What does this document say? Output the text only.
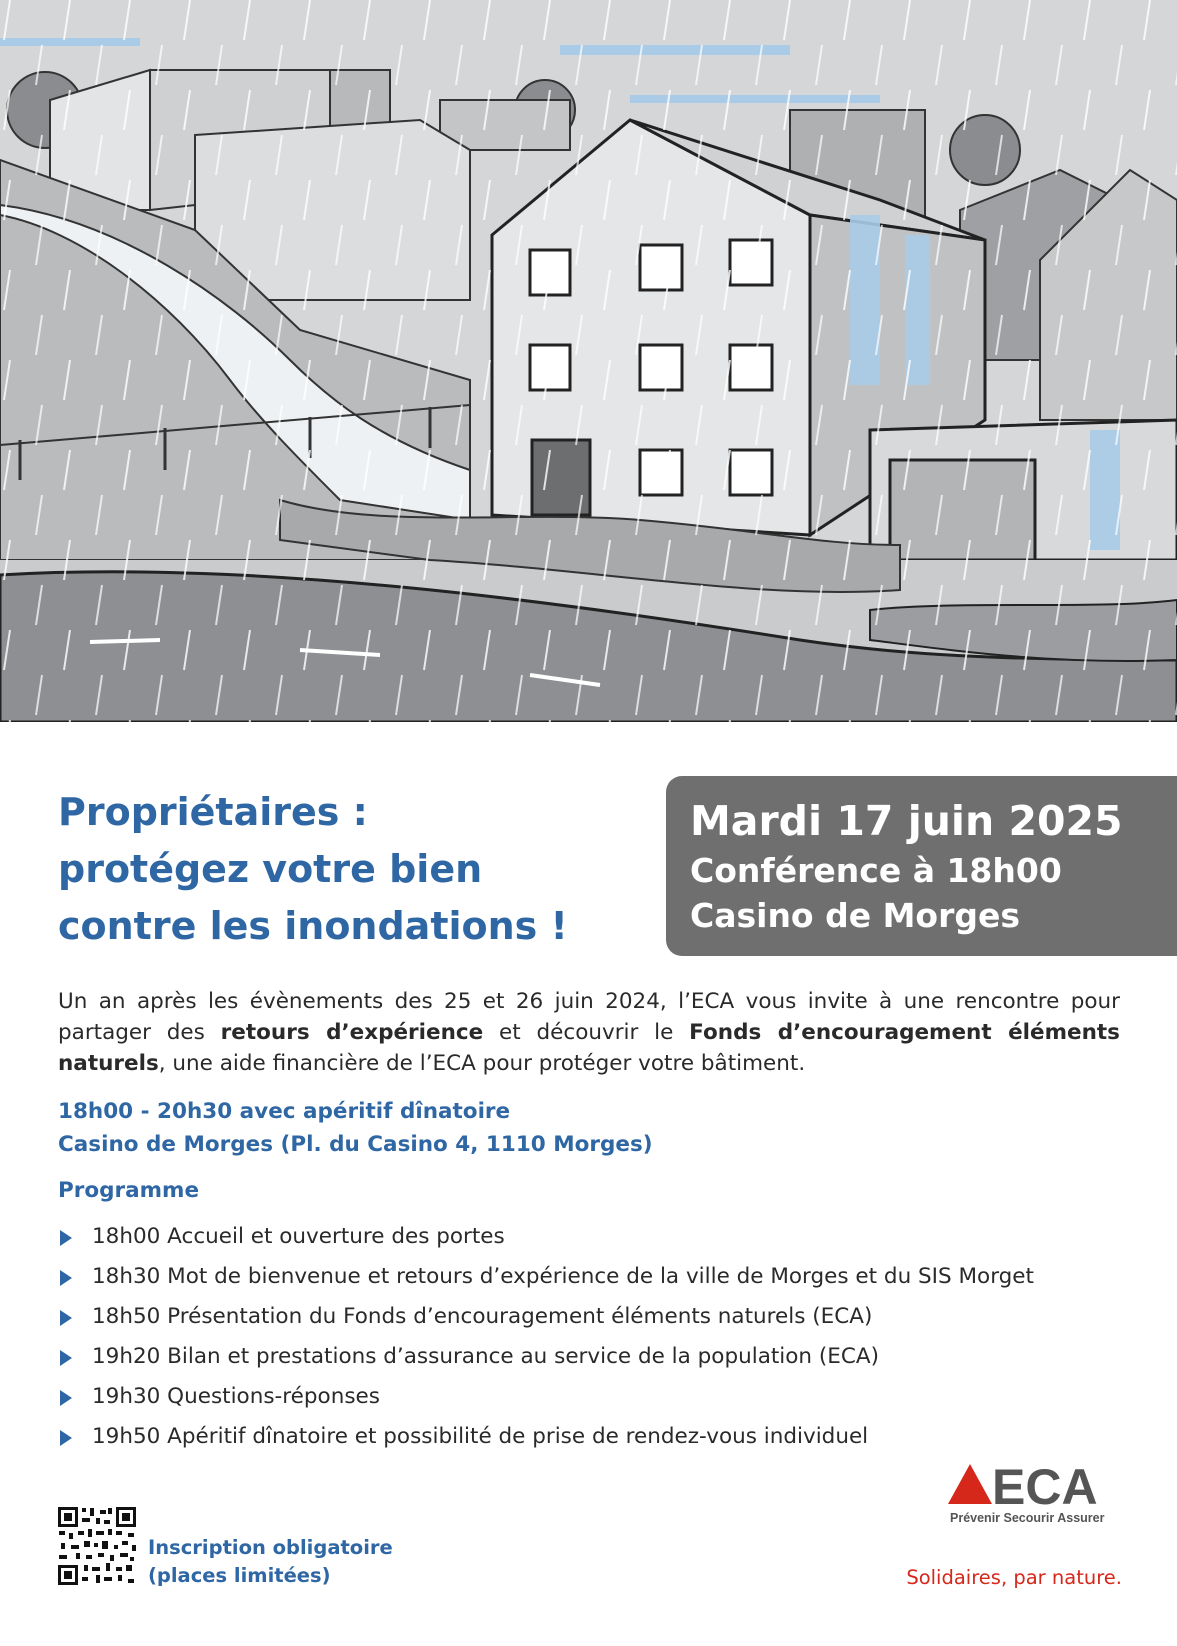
Propriétaires :
protégez votre bien
contre les inondations !
Mardi 17 juin 2025
Conférence à 18h00
Casino de Morges

Un an après les évènements des 25 et 26 juin 2024, l’ECA vous invite à une rencontre pour partager des retours d’expérience et découvrir le Fonds d’encouragement éléments naturels, une aide financière de l’ECA pour protéger votre bâtiment.

18h00 - 20h30 avec apéritif dînatoire
Casino de Morges (Pl. du Casino 4, 1110 Morges)
Programme
18h00 Accueil et ouverture des portes
18h30 Mot de bienvenue et retours d’expérience de la ville de Morges et du SIS Morget
18h50 Présentation du Fonds d’encouragement éléments naturels (ECA)
19h20 Bilan et prestations d’assurance au service de la population (ECA)
19h30 Questions-réponses
19h50 Apéritif dînatoire et possibilité de prise de rendez-vous individuel
Inscription obligatoire
(places limitées)
ECA
Prévenir Secourir Assurer
Solidaires, par nature.
